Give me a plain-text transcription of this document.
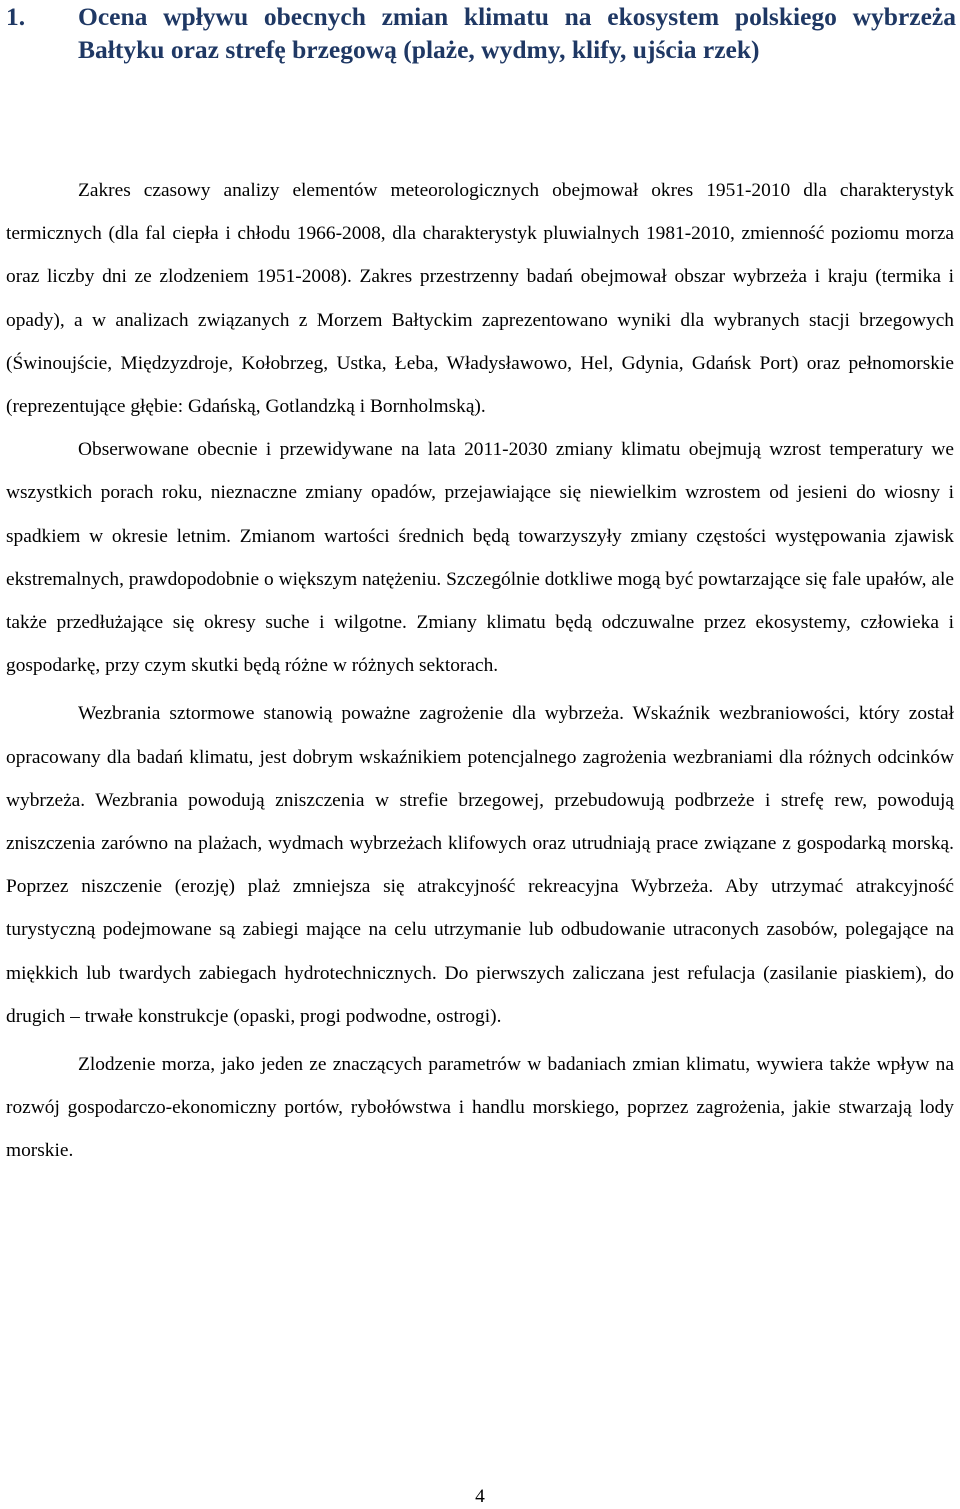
1.	Ocena wpływu obecnych zmian klimatu na ekosystem polskiego wybrzeża Bałtyku oraz strefę brzegową (plaże, wydmy, klify, ujścia rzek)

Zakres czasowy analizy elementów meteorologicznych obejmował okres 1951-2010 dla charakterystyk termicznych (dla fal ciepła i chłodu 1966-2008, dla charakterystyk pluwialnych 1981-2010, zmienność poziomu morza oraz liczby dni ze zlodzeniem 1951-2008). Zakres przestrzenny badań obejmował obszar wybrzeża i kraju (termika i opady), a w analizach związanych z Morzem Bałtyckim zaprezentowano wyniki dla wybranych stacji brzegowych (Świnoujście, Międzyzdroje, Kołobrzeg, Ustka, Łeba, Władysławowo, Hel, Gdynia, Gdańsk Port) oraz pełnomorskie (reprezentujące głębie: Gdańską, Gotlandzką i Bornholmską).

Obserwowane obecnie i przewidywane na lata 2011-2030 zmiany klimatu obejmują wzrost temperatury we wszystkich porach roku, nieznaczne zmiany opadów, przejawiające się niewielkim wzrostem od jesieni do wiosny i spadkiem w okresie letnim. Zmianom wartości średnich będą towarzyszyły zmiany częstości występowania zjawisk ekstremalnych, prawdopodobnie o większym natężeniu. Szczególnie dotkliwe mogą być powtarzające się fale upałów, ale także przedłużające się okresy suche i wilgotne. Zmiany klimatu będą odczuwalne przez ekosystemy, człowieka i gospodarkę, przy czym skutki będą różne w różnych sektorach.

Wezbrania sztormowe stanowią poważne zagrożenie dla wybrzeża. Wskaźnik wezbraniowości, który został opracowany dla badań klimatu, jest dobrym wskaźnikiem potencjalnego zagrożenia wezbraniami dla różnych odcinków wybrzeża. Wezbrania powodują zniszczenia w strefie brzegowej, przebudowują podbrzeże i strefę rew, powodują zniszczenia zarówno na plażach, wydmach wybrzeżach klifowych oraz utrudniają prace związane z gospodarką morską. Poprzez niszczenie (erozję) plaż zmniejsza się atrakcyjność rekreacyjna Wybrzeża. Aby utrzymać atrakcyjność turystyczną podejmowane są zabiegi mające na celu utrzymanie lub odbudowanie utraconych zasobów, polegające na miękkich lub twardych zabiegach hydrotechnicznych. Do pierwszych zaliczana jest refulacja (zasilanie piaskiem), do drugich – trwałe konstrukcje (opaski, progi podwodne, ostrogi).

Zlodzenie morza, jako jeden ze znaczących parametrów w badaniach zmian klimatu, wywiera także wpływ na rozwój gospodarczo-ekonomiczny portów, rybołówstwa i handlu morskiego, poprzez zagrożenia, jakie stwarzają lody morskie.

4
